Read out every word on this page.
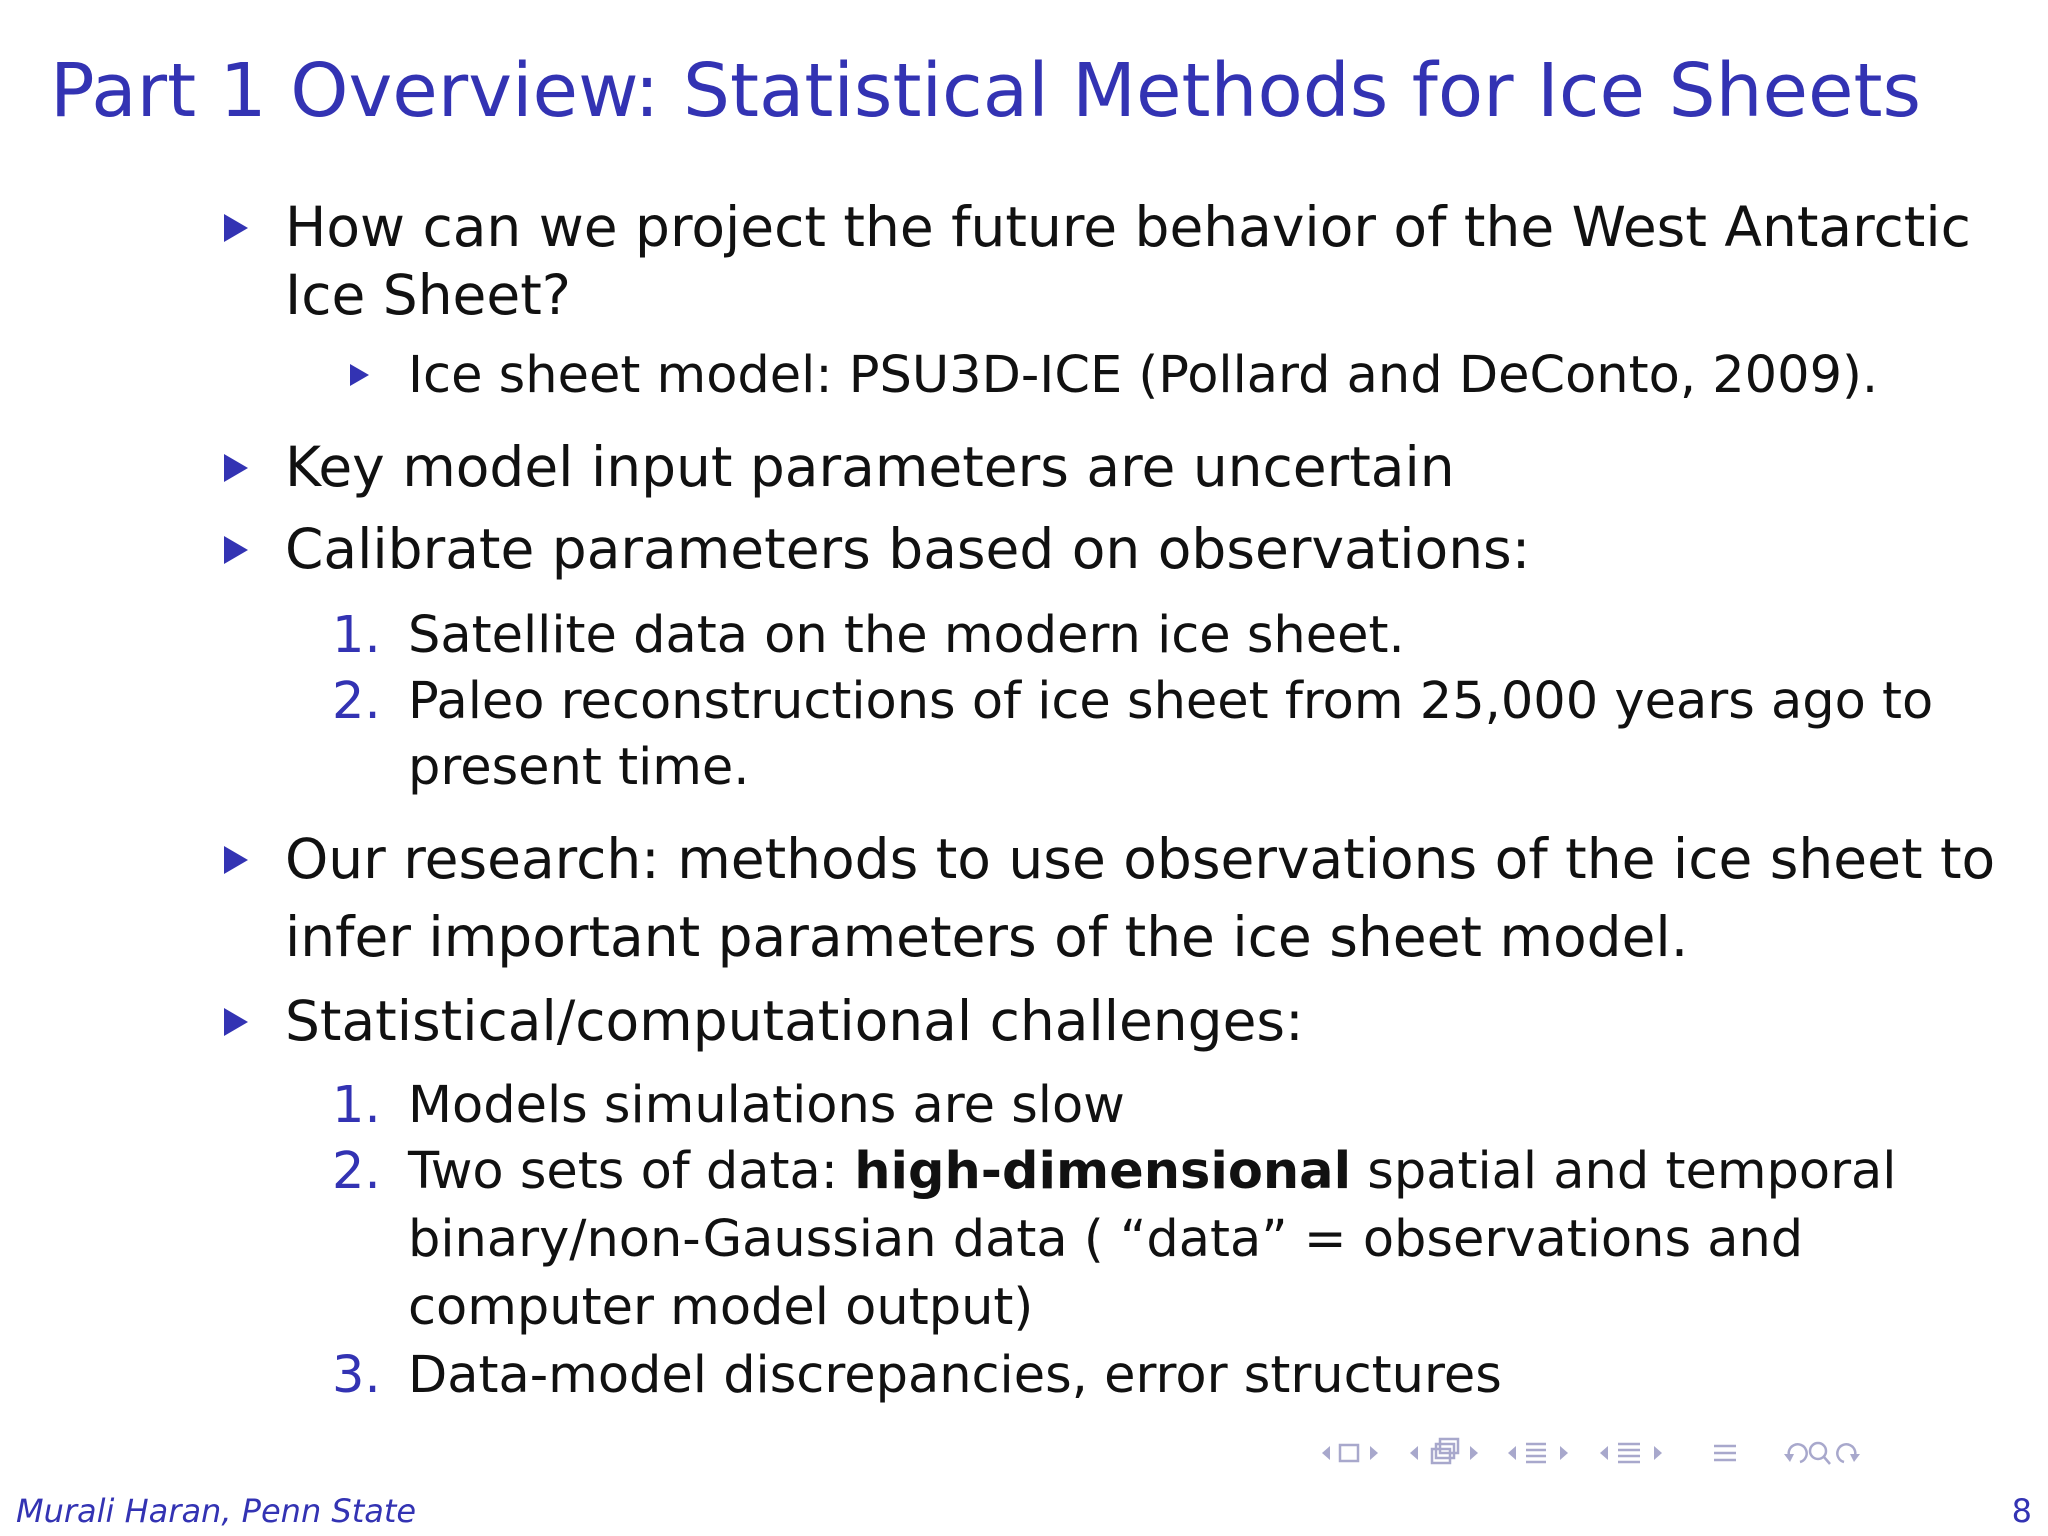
Part 1 Overview: Statistical Methods for Ice Sheets
How can we project the future behavior of the West Antarctic
Ice Sheet?
Ice sheet model: PSU3D-ICE (Pollard and DeConto, 2009).
Key model input parameters are uncertain
Calibrate parameters based on observations:
1. Satellite data on the modern ice sheet.
2. Paleo reconstructions of ice sheet from 25,000 years ago to
present time.
Our research: methods to use observations of the ice sheet to
infer important parameters of the ice sheet model.
Statistical/computational challenges:
1. Models simulations are slow
2. Two sets of data: high-dimensional spatial and temporal
binary/non-Gaussian data ( “data” = observations and
computer model output)
3. Data-model discrepancies, error structures
Murali Haran, Penn State	8
